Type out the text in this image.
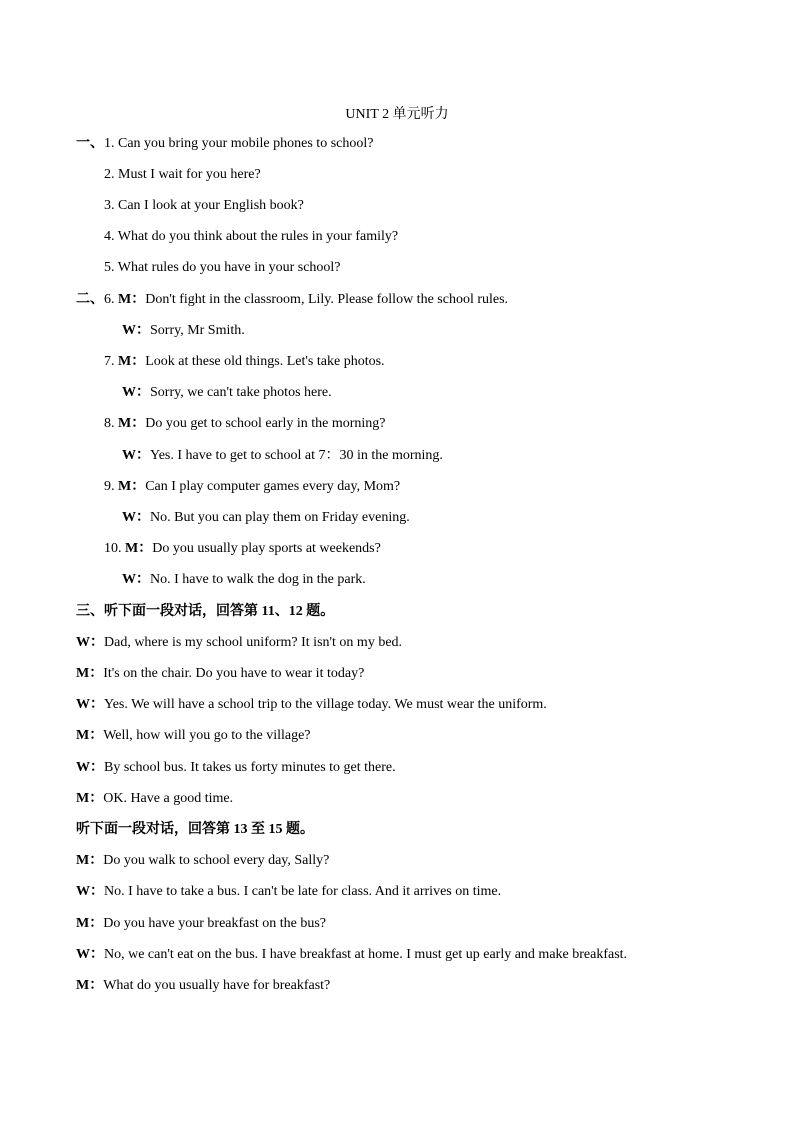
UNIT 2 单元听力
一、1. Can you bring your mobile phones to school?
2. Must I wait for you here?
3. Can I look at your English book?
4. What do you think about the rules in your family?
5. What rules do you have in your school?
二、6. M：Don't fight in the classroom, Lily. Please follow the school rules.
W：Sorry, Mr Smith.
7. M：Look at these old things. Let's take photos.
W：Sorry, we can't take photos here.
8. M：Do you get to school early in the morning?
W：Yes. I have to get to school at 7：30 in the morning.
9. M：Can I play computer games every day, Mom?
W：No. But you can play them on Friday evening.
10. M：Do you usually play sports at weekends?
W：No. I have to walk the dog in the park.
三、听下面一段对话，回答第 11、12 题。
W：Dad, where is my school uniform? It isn't on my bed.
M：It's on the chair. Do you have to wear it today?
W：Yes. We will have a school trip to the village today. We must wear the uniform.
M：Well, how will you go to the village?
W：By school bus. It takes us forty minutes to get there.
M：OK. Have a good time.
听下面一段对话，回答第 13 至 15 题。
M：Do you walk to school every day, Sally?
W：No. I have to take a bus. I can't be late for class. And it arrives on time.
M：Do you have your breakfast on the bus?
W：No, we can't eat on the bus. I have breakfast at home. I must get up early and make breakfast.
M：What do you usually have for breakfast?
